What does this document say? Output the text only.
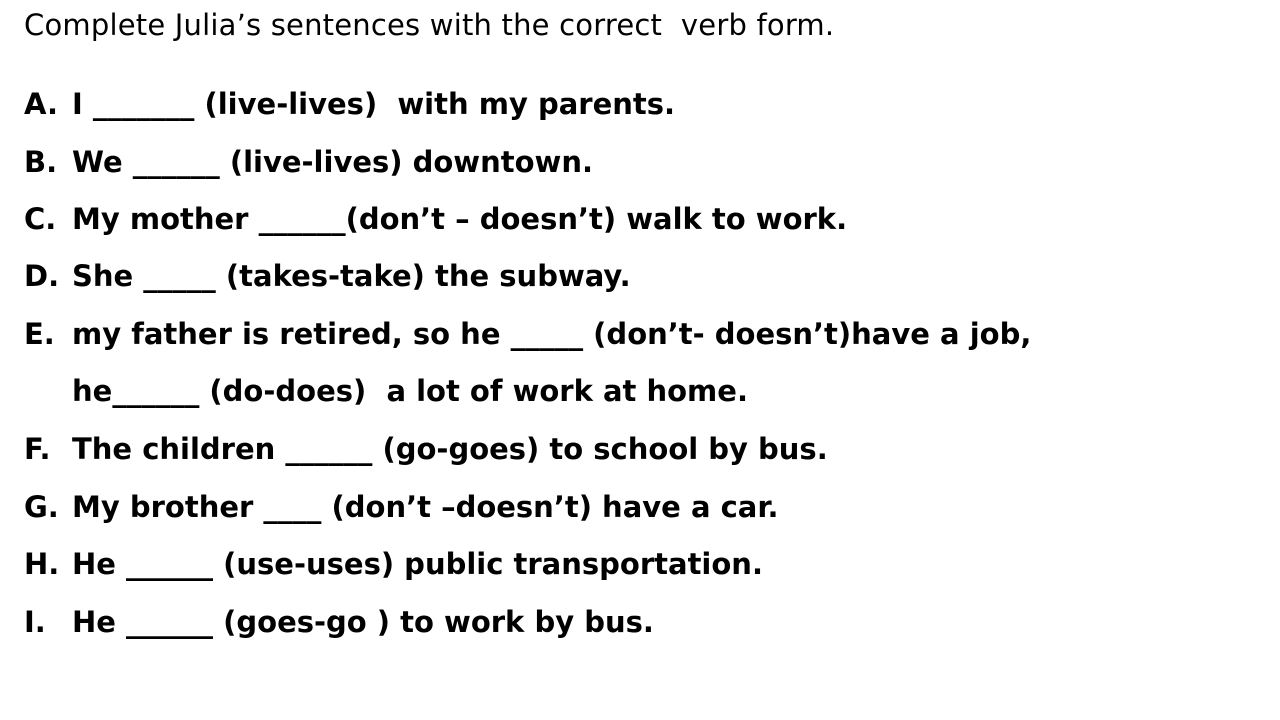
Complete Julia’s sentences with the correct  verb form.
A. I _______ (live-lives)  with my parents.
B. We ______ (live-lives) downtown.
C. My mother ______(don’t – doesn’t) walk to work.
D. She _____ (takes-take) the subway.
E. my father is retired, so he _____ (don’t- doesn’t)have a job,
he______ (do-does)  a lot of work at home.
F. The children ______ (go-goes) to school by bus.
G. My brother ____ (don’t –doesn’t) have a car.
H. He ______ (use-uses) public transportation.
I. He ______ (goes-go ) to work by bus.
